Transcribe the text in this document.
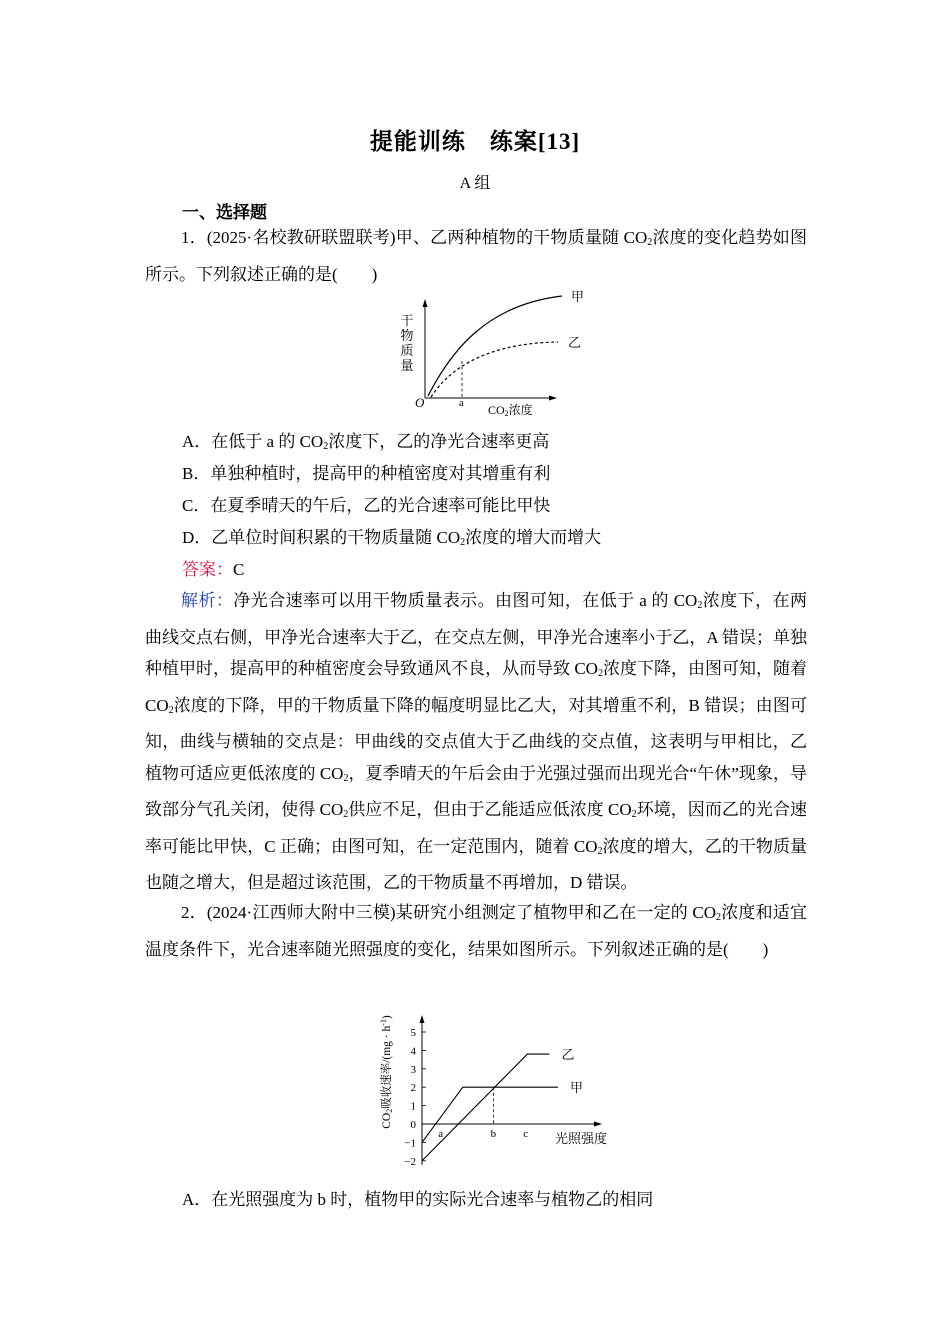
提能训练　练案[13]
A 组
一、选择题
1．(2025·名校教研联盟联考)甲、乙两种植物的干物质量随 $CO_2$浓度的变化趋势如图所示。下列叙述正确的是(　　)
干
物
质
量
O	a
甲
乙
CO2浓度
A．在低于 a 的 $CO_2$浓度下，乙的净光合速率更高
B．单独种植时，提高甲的种植密度对其增重有利
C．在夏季晴天的午后，乙的光合速率可能比甲快
D．乙单位时间积累的干物质量随 $CO_2$浓度的增大而增大
答案：C
解析：净光合速率可以用干物质量表示。由图可知，在低于 a 的 $CO_2$浓度下，在两曲线交点右侧，甲净光合速率大于乙，在交点左侧，甲净光合速率小于乙，A 错误；单独种植甲时，提高甲的种植密度会导致通风不良，从而导致 $CO_2$浓度下降，由图可知，随着 $CO_2$浓度的下降，甲的干物质量下降的幅度明显比乙大，对其增重不利，B 错误；由图可知，曲线与横轴的交点是：甲曲线的交点值大于乙曲线的交点值，这表明与甲相比，乙植物可适应更低浓度的 $CO_2$，夏季晴天的午后会由于光强过强而出现光合“午休”现象，导致部分气孔关闭，使得 $CO_2$供应不足，但由于乙能适应低浓度 $CO_2$环境，因而乙的光合速率可能比甲快，C 正确；由图可知，在一定范围内，随着 $CO_2$浓度的增大，乙的干物质量也随之增大，但是超过该范围，乙的干物质量不再增加，D 错误。
2．(2024·江西师大附中三模)某研究小组测定了植物甲和乙在一定的 $CO_2$浓度和适宜温度条件下，光合速率随光照强度的变化，结果如图所示。下列叙述正确的是(　　)
CO2吸收速率$/(mg \cdot h^{-1})$
−2
−1
0
1
2
3
4
5
a	b c
甲
乙
光照强度
A．在光照强度为 b 时，植物甲的实际光合速率与植物乙的相同
